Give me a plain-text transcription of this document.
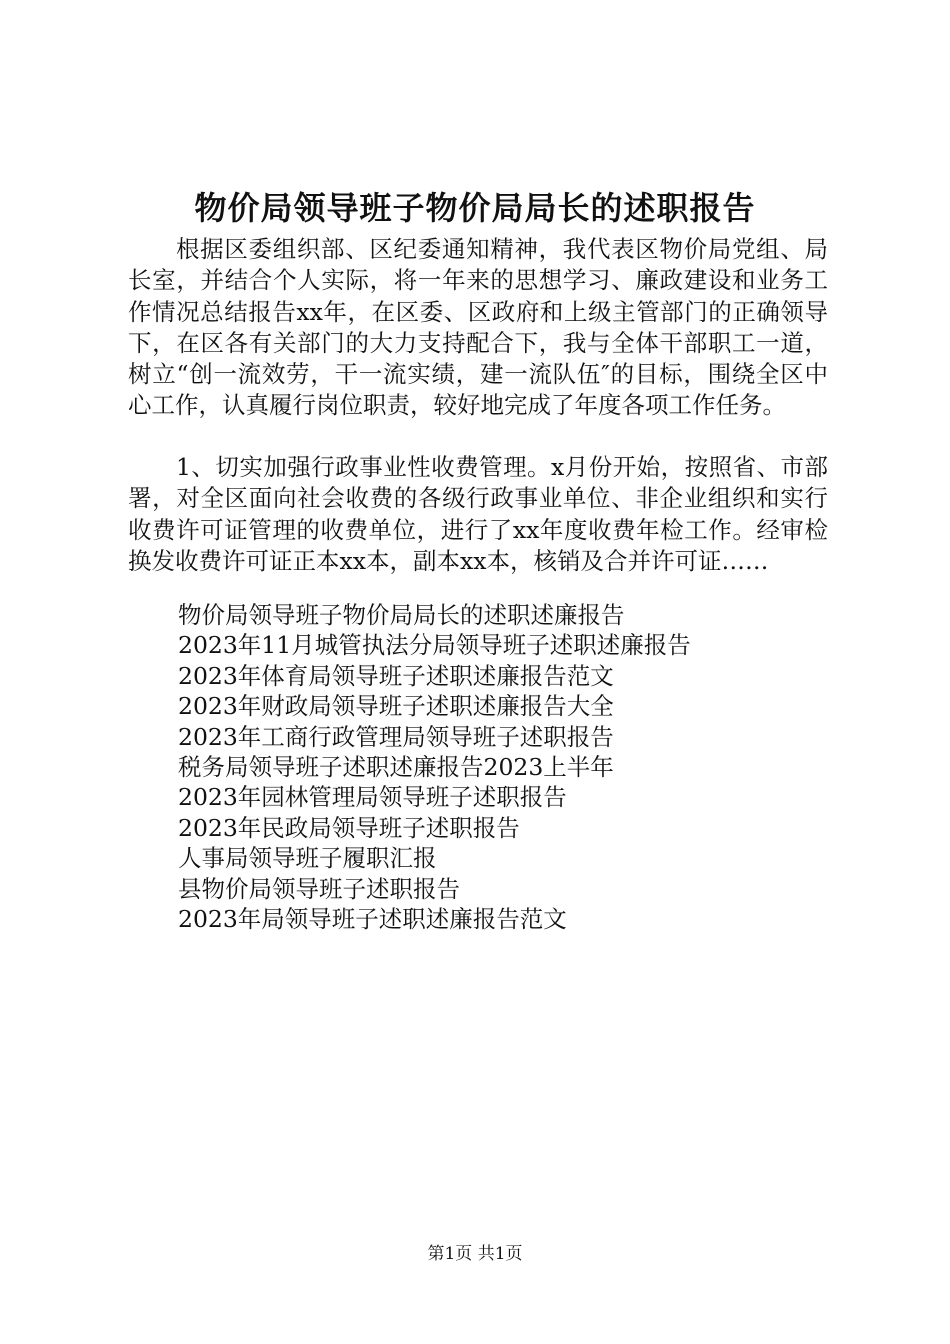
物价局领导班子物价局局长的述职报告

根据区委组织部、区纪委通知精神，我代表区物价局党组、局长室，并结合个人实际，将一年来的思想学习、廉政建设和业务工作情况总结报告xx年，在区委、区政府和上级主管部门的正确领导下，在区各有关部门的大力支持配合下，我与全体干部职工一道，树立“创一流效劳，干一流实绩，建一流队伍″的目标，围绕全区中心工作，认真履行岗位职责，较好地完成了年度各项工作任务。

1、切实加强行政事业性收费管理。x月份开始，按照省、市部署，对全区面向社会收费的各级行政事业单位、非企业组织和实行收费许可证管理的收费单位，进行了xx年度收费年检工作。经审检换发收费许可证正本xx本，副本xx本，核销及合并许可证……

物价局领导班子物价局局长的述职述廉报告
2023年11月城管执法分局领导班子述职述廉报告
2023年体育局领导班子述职述廉报告范文
2023年财政局领导班子述职述廉报告大全
2023年工商行政管理局领导班子述职报告
税务局领导班子述职述廉报告2023上半年
2023年园林管理局领导班子述职报告
2023年民政局领导班子述职报告
人事局领导班子履职汇报
县物价局领导班子述职报告
2023年局领导班子述职述廉报告范文
第1页 共1页
